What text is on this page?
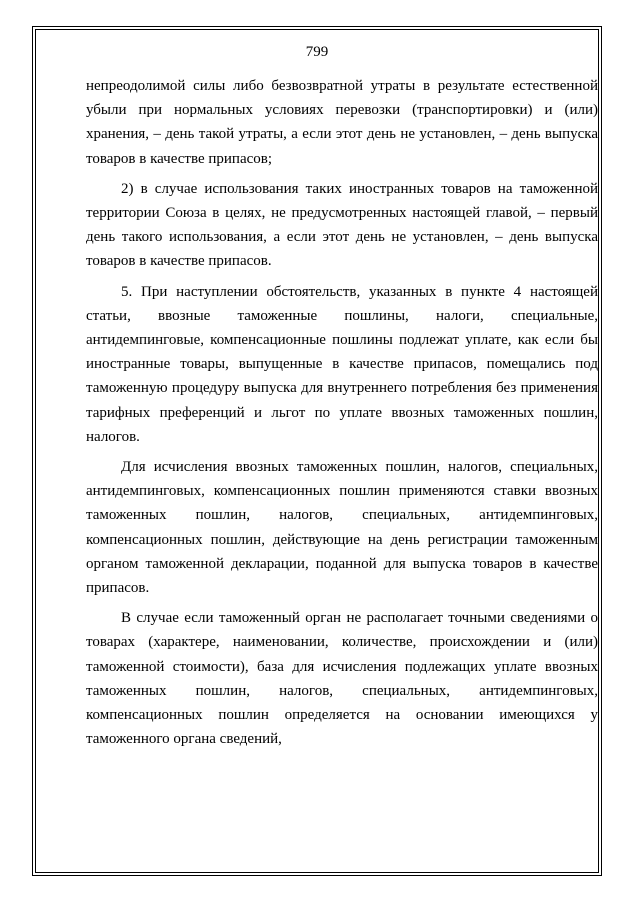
799

непреодолимой силы либо безвозвратной утраты в результате естественной убыли при нормальных условиях перевозки (транспортировки) и (или) хранения, – день такой утраты, а если этот день не установлен, – день выпуска товаров в качестве припасов;

2) в случае использования таких иностранных товаров на таможенной территории Союза в целях, не предусмотренных настоящей главой, – первый день такого использования, а если этот день не установлен, – день выпуска товаров в качестве припасов.

5. При наступлении обстоятельств, указанных в пункте 4 настоящей статьи, ввозные таможенные пошлины, налоги, специальные, антидемпинговые, компенсационные пошлины подлежат уплате, как если бы иностранные товары, выпущенные в качестве припасов, помещались под таможенную процедуру выпуска для внутреннего потребления без применения тарифных преференций и льгот по уплате ввозных таможенных пошлин, налогов.

Для исчисления ввозных таможенных пошлин, налогов, специальных, антидемпинговых, компенсационных пошлин применяются ставки ввозных таможенных пошлин, налогов, специальных, антидемпинговых, компенсационных пошлин, действующие на день регистрации таможенным органом таможенной декларации, поданной для выпуска товаров в качестве припасов.

В случае если таможенный орган не располагает точными сведениями о товарах (характере, наименовании, количестве, происхождении и (или) таможенной стоимости), база для исчисления подлежащих уплате ввозных таможенных пошлин, налогов, специальных, антидемпинговых, компенсационных пошлин определяется на основании имеющихся у таможенного органа сведений,
